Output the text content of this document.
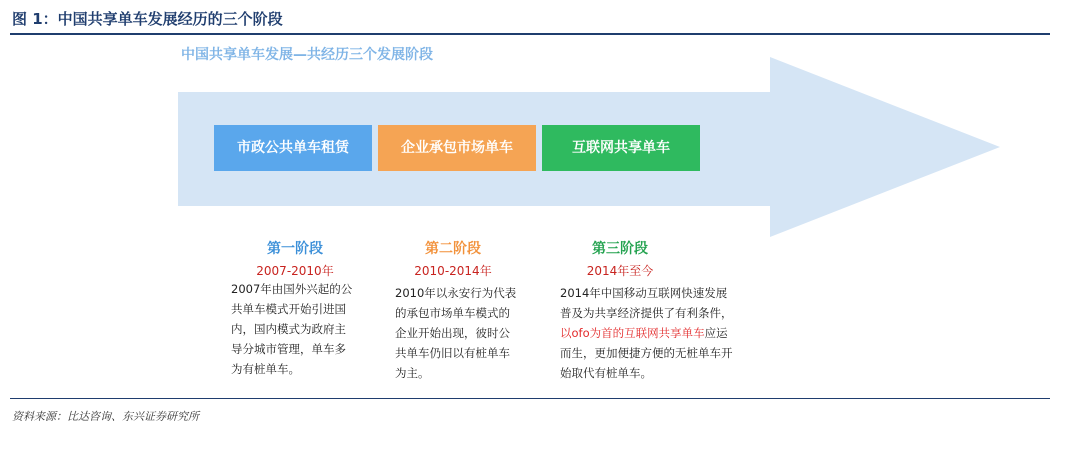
图 1：中国共享单车发展经历的三个阶段
中国共享单车发展—共经历三个发展阶段
市政公共单车租赁	企业承包市场单车	互联网共享单车
第一阶段
2007-2010年
2007年由国外兴起的公
共单车模式开始引进国
内，国内模式为政府主
导分城市管理，单车多
为有桩单车。
第二阶段
2010-2014年
2010年以永安行为代表
的承包市场单车模式的
企业开始出现，彼时公
共单车仍旧以有桩单车
为主。
第三阶段
2014年至今
2014年中国移动互联网快速发展
普及为共享经济提供了有利条件，
以ofo为首的互联网共享单车应运
而生，更加便捷方便的无桩单车开
始取代有桩单车。
资料来源：比达咨询、东兴证券研究所
